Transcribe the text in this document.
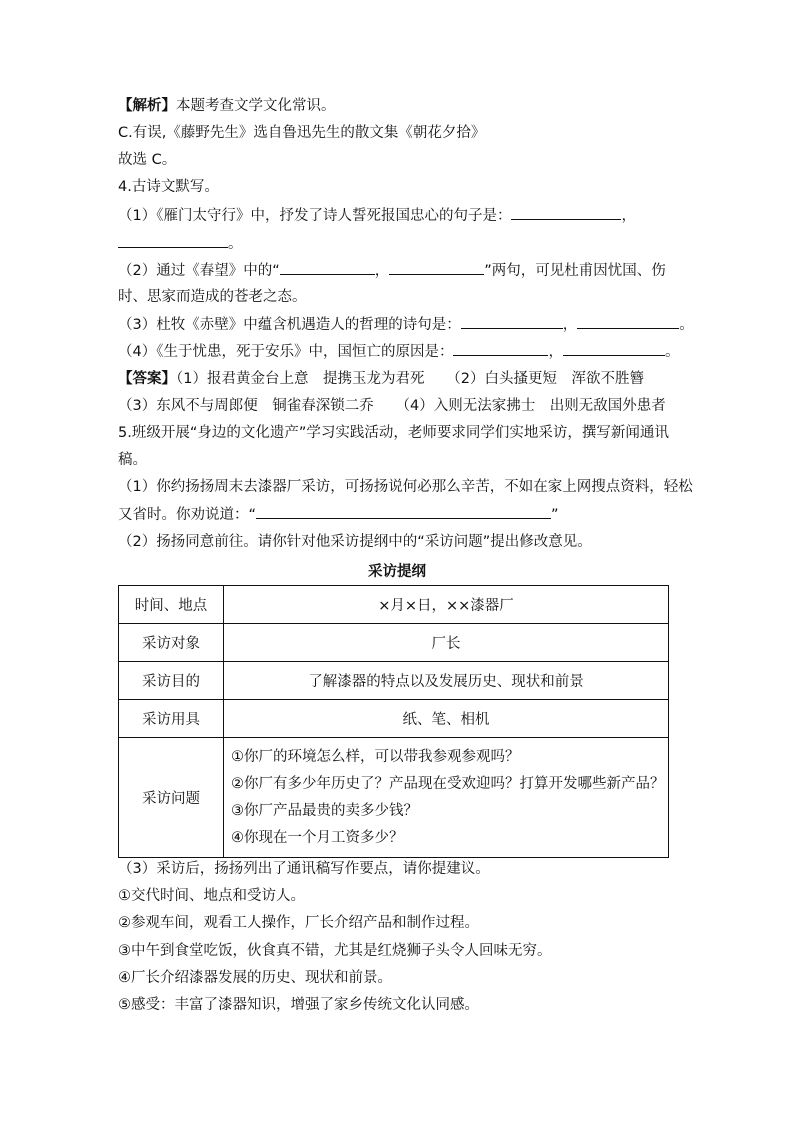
【解析】本题考查文学文化常识。
C.有误,《藤野先生》选自鲁迅先生的散文集《朝花夕拾》
故选 C。
4.古诗文默写。
（1）《雁门太守行》中，抒发了诗人誓死报国忠心的句子是：	，
。
（2）通过《春望》中的“	，	”两句，可见杜甫因忧国、伤
时、思家而造成的苍老之态。
（3）杜牧《赤壁》中蕴含机遇造人的哲理的诗句是：	，	。
（4）《生于忧患，死于安乐》中，国恒亡的原因是：	，	。
【答案】（1）报君黄金台上意　提携玉龙为君死　　（2）白头搔更短　浑欲不胜簪
（3）东风不与周郎便　铜雀春深锁二乔　　（4）入则无法家拂士　出则无敌国外患者
5.班级开展“身边的文化遗产”学习实践活动，老师要求同学们实地采访，撰写新闻通讯
稿。
（1）你约扬扬周末去漆器厂采访，可扬扬说何必那么辛苦，不如在家上网搜点资料，轻松
又省时。你劝说道：“	”
（2）扬扬同意前往。请你针对他采访提纲中的“采访问题”提出修改意见。
采访提纲
时间、地点	×月×日，××漆器厂
采访对象	厂长
采访目的	了解漆器的特点以及发展历史、现状和前景
采访用具	纸、笔、相机
采访问题	①你厂的环境怎么样，可以带我参观参观吗？
②你厂有多少年历史了？产品现在受欢迎吗？打算开发哪些新产品？
③你厂产品最贵的卖多少钱？
④你现在一个月工资多少？
（3）采访后，扬扬列出了通讯稿写作要点，请你提建议。
①交代时间、地点和受访人。
②参观车间，观看工人操作，厂长介绍产品和制作过程。
③中午到食堂吃饭，伙食真不错，尤其是红烧狮子头令人回味无穷。
④厂长介绍漆器发展的历史、现状和前景。
⑤感受：丰富了漆器知识，增强了家乡传统文化认同感。
